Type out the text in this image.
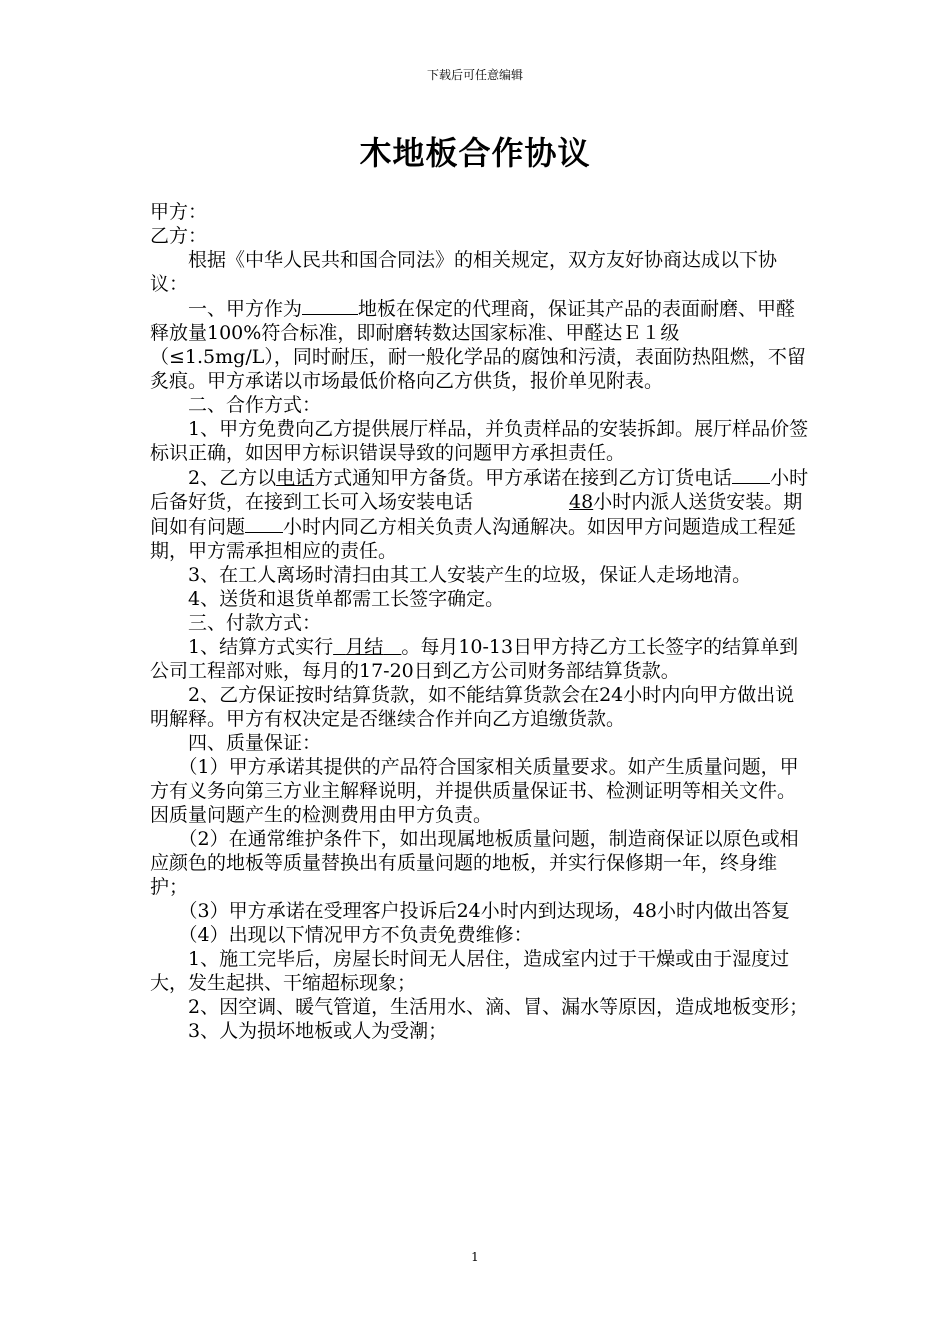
下载后可任意编辑
木地板合作协议

甲方：

乙方：

根据《中华人民共和国合同法》的相关规定，双方友好协商达成以下协议：

一、甲方作为	地板在保定的代理商，保证其产品的表面耐磨、甲醛释放量100%符合标准，即耐磨转数达国家标准、甲醛达Ｅ１级（≤1.5mg/L），同时耐压，耐一般化学品的腐蚀和污渍，表面防热阻燃，不留炙痕。甲方承诺以市场最低价格向乙方供货，报价单见附表。

二、合作方式：

1、甲方免费向乙方提供展厅样品，并负责样品的安装拆卸。展厅样品价签标识正确，如因甲方标识错误导致的问题甲方承担责任。

2、乙方以电话方式通知甲方备货。甲方承诺在接到乙方订货电话 小时后备好货，在接到工长可入场安装电话	48小时内派人送货安装。期间如有问题 小时内同乙方相关负责人沟通解决。如因甲方问题造成工程延期，甲方需承担相应的责任。

3、在工人离场时清扫由其工人安装产生的垃圾，保证人走场地清。

4、送货和退货单都需工长签字确定。

三、付款方式：

1、结算方式实行 月结 。每月10-13日甲方持乙方工长签字的结算单到公司工程部对账，每月的17-20日到乙方公司财务部结算货款。

2、乙方保证按时结算货款，如不能结算货款会在24小时内向甲方做出说明解释。甲方有权决定是否继续合作并向乙方追缴货款。

四、质量保证：

（1）甲方承诺其提供的产品符合国家相关质量要求。如产生质量问题，甲方有义务向第三方业主解释说明，并提供质量保证书、检测证明等相关文件。因质量问题产生的检测费用由甲方负责。

（2）在通常维护条件下，如出现属地板质量问题，制造商保证以原色或相应颜色的地板等质量替换出有质量问题的地板，并实行保修期一年，终身维护；

（3）甲方承诺在受理客户投诉后24小时内到达现场，48小时内做出答复

（4）出现以下情况甲方不负责免费维修：

1、施工完毕后，房屋长时间无人居住，造成室内过于干燥或由于湿度过大，发生起拱、干缩超标现象；

2、因空调、暖气管道，生活用水、滴、冒、漏水等原因，造成地板变形；

3、人为损坏地板或人为受潮；

1
